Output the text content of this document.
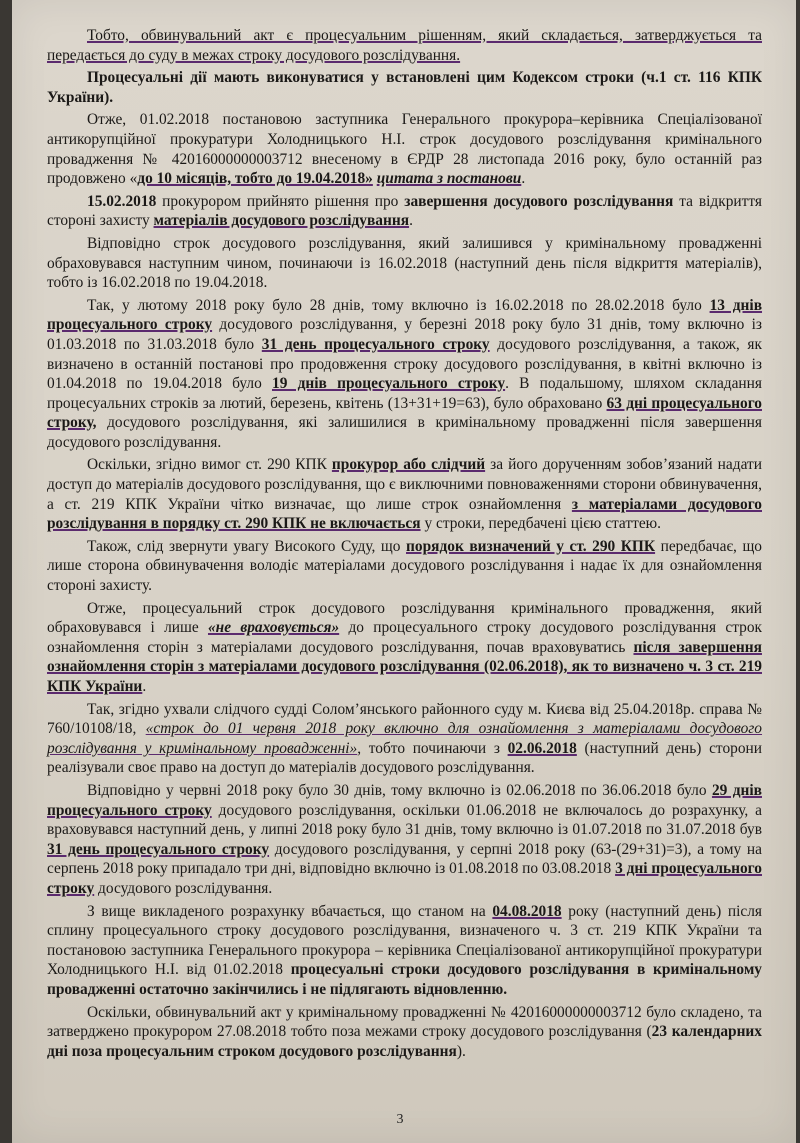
Тобто, обвинувальний акт є процесуальним рішенням, який складається, затверджується та передається до суду в межах строку досудового розслідування.

Процесуальні дії мають виконуватися у встановлені цим Кодексом строки (ч.1 ст. 116 КПК України).

Отже, 01.02.2018 постановою заступника Генерального прокурора–керівника Спеціалізованої антикорупційної прокуратури Холодницького Н.І. строк досудового розслідування кримінального провадження № 42016000000003712 внесеному в ЄРДР 28 листопада 2016 року, було останній раз продовжено «до 10 місяців, тобто до 19.04.2018» цитата з постанови.

15.02.2018 прокурором прийнято рішення про завершення досудового розслідування та відкриття стороні захисту матеріалів досудового розслідування.

Відповідно строк досудового розслідування, який залишився у кримінальному провадженні обраховувався наступним чином, починаючи із 16.02.2018 (наступний день після відкриття матеріалів), тобто із 16.02.2018 по 19.04.2018.

Так, у лютому 2018 року було 28 днів, тому включно із 16.02.2018 по 28.02.2018 було 13 днів процесуального строку досудового розслідування, у березні 2018 року було 31 днів, тому включно із 01.03.2018 по 31.03.2018 було 31 день процесуального строку досудового розслідування, а також, як визначено в останній постанові про продовження строку досудового розслідування, в квітні включно із 01.04.2018 по 19.04.2018 було 19 днів процесуального строку. В подальшому, шляхом складання процесуальних строків за лютий, березень, квітень (13+31+19=63), було обраховано 63 дні процесуального строку, досудового розслідування, які залишилися в кримінальному провадженні після завершення досудового розслідування.

Оскільки, згідно вимог ст. 290 КПК прокурор або слідчий за його дорученням зобов’язаний надати доступ до матеріалів досудового розслідування, що є виключними повноваженнями сторони обвинувачення, а ст. 219 КПК України чітко визначає, що лише строк ознайомлення з матеріалами досудового розслідування в порядку ст. 290 КПК не включається у строки, передбачені цією статтею.

Також, слід звернути увагу Високого Суду, що порядок визначений у ст. 290 КПК передбачає, що лише сторона обвинувачення володіє матеріалами досудового розслідування і надає їх для ознайомлення стороні захисту.

Отже, процесуальний строк досудового розслідування кримінального провадження, який обраховувався і лише «не враховується» до процесуального строку досудового розслідування строк ознайомлення сторін з матеріалами досудового розслідування, почав враховуватись після завершення ознайомлення сторін з матеріалами досудового розслідування (02.06.2018), як то визначено ч. 3 ст. 219 КПК України.

Так, згідно ухвали слідчого судді Солом’янського районного суду м. Києва від 25.04.2018р. справа № 760/10108/18, «строк до 01 червня 2018 року включно для ознайомлення з матеріалами досудового розслідування у кримінальному провадженні», тобто починаючи з 02.06.2018 (наступний день) сторони реалізували своє право на доступ до матеріалів досудового розслідування.

Відповідно у червні 2018 року було 30 днів, тому включно із 02.06.2018 по 36.06.2018 було 29 днів процесуального строку досудового розслідування, оскільки 01.06.2018 не включалось до розрахунку, а враховувався наступний день, у липні 2018 року було 31 днів, тому включно із 01.07.2018 по 31.07.2018 був 31 день процесуального строку досудового розслідування, у серпні 2018 року (63-(29+31)=3), а тому на серпень 2018 року припадало три дні, відповідно включно із 01.08.2018 по 03.08.2018 3 дні процесуального строку досудового розслідування.

З вище викладеного розрахунку вбачається, що станом на 04.08.2018 року (наступний день) після сплину процесуального строку досудового розслідування, визначеного ч. 3 ст. 219 КПК України та постановою заступника Генерального прокурора – керівника Спеціалізованої антикорупційної прокуратури Холодницького Н.І. від 01.02.2018 процесуальні строки досудового розслідування в кримінальному провадженні остаточно закінчились і не підлягають відновленню.

Оскільки, обвинувальний акт у кримінальному провадженні № 42016000000003712 було складено, та затверджено прокурором 27.08.2018 тобто поза межами строку досудового розслідування (23 календарних дні поза процесуальним строком досудового розслідування).

3
